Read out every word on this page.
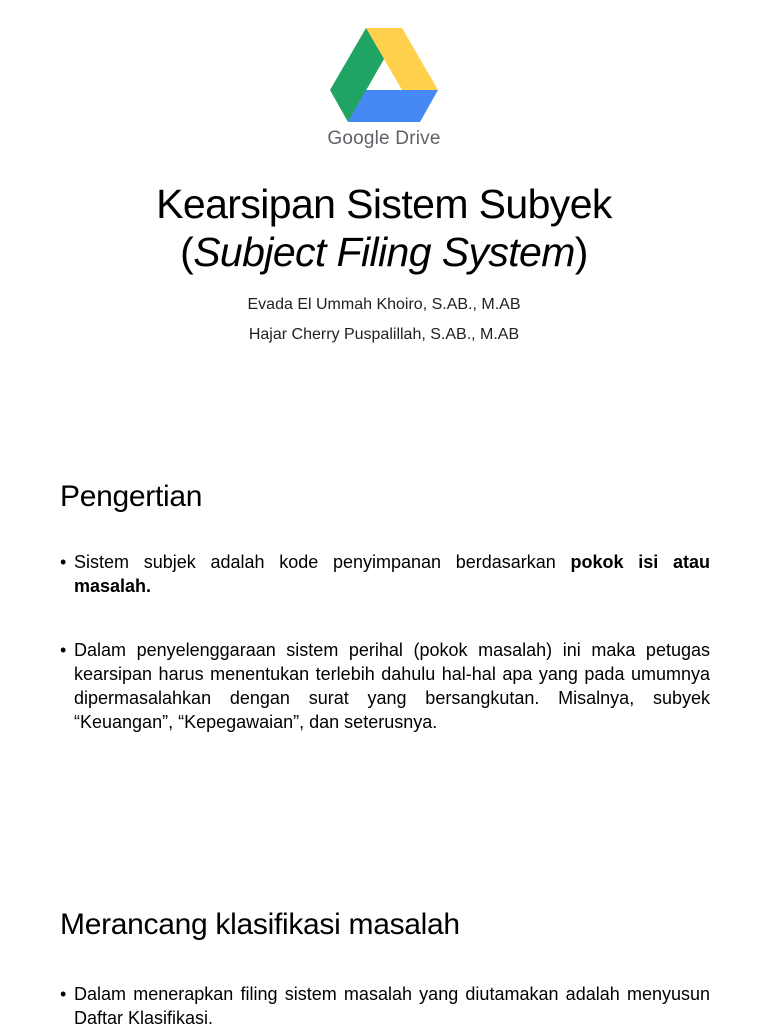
Google Drive
Kearsipan Sistem Subyek
(Subject Filing System)
Evada El Ummah Khoiro, S.AB., M.AB
Hajar Cherry Puspalillah, S.AB., M.AB
Pengertian
• Sistem subjek adalah kode penyimpanan berdasarkan pokok isi atau masalah.
• Dalam penyelenggaraan sistem perihal (pokok masalah) ini maka petugas kearsipan harus menentukan terlebih dahulu hal-hal apa yang pada umumnya dipermasalahkan dengan surat yang bersangkutan. Misalnya, subyek “Keuangan”, “Kepegawaian”, dan seterusnya.
Merancang klasifikasi masalah
• Dalam menerapkan filing sistem masalah yang diutamakan adalah menyusun Daftar Klasifikasi.
